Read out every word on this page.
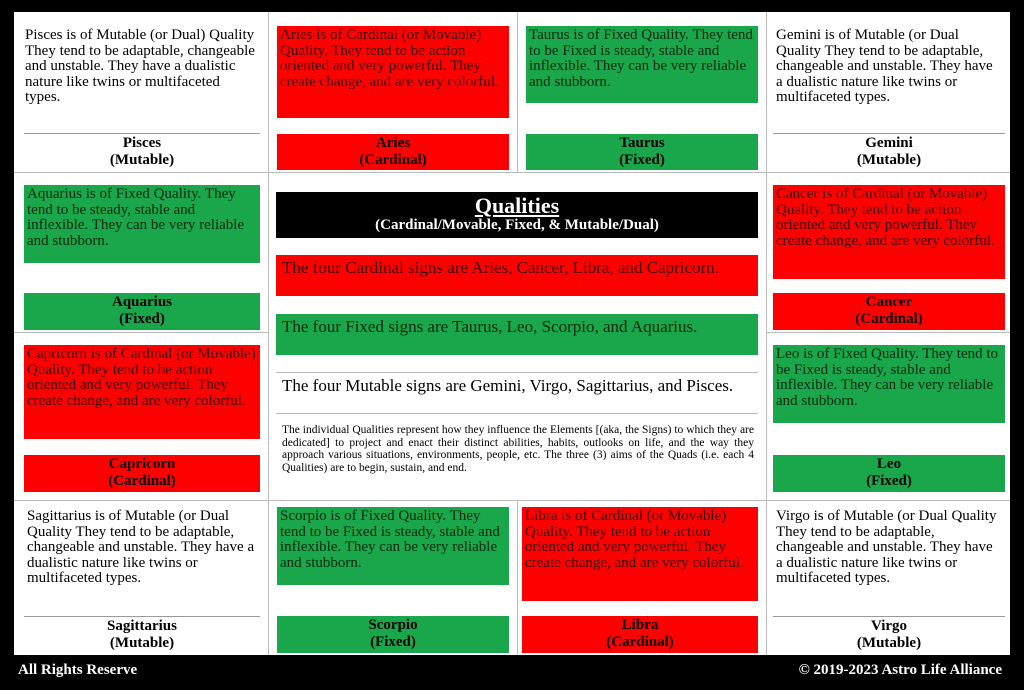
Pisces is of Mutable (or Dual) Quality They tend to be adaptable, changeable and unstable. They have a dualistic nature like twins or multifaceted types.
Pisces
(Mutable)
Aries is of Cardinal (or Movable) Quality. They tend to be action oriented and very powerful. They create change, and are very colorful.
Aries
(Cardinal)
Taurus is of Fixed Quality. They tend to be Fixed is steady, stable and inflexible. They can be very reliable and stubborn.
Taurus
(Fixed)
Gemini is of Mutable (or Dual Quality They tend to be adaptable, changeable and unstable. They have a dualistic nature like twins or multifaceted types.
Gemini
(Mutable)
Aquarius is of Fixed Quality. They tend to be steady, stable and inflexible. They can be very reliable and stubborn.
Aquarius
(Fixed)
Cancer is of Cardinal (or Movable) Quality. They tend to be action oriented and very powerful. They create change, and are very colorful.
Cancer
(Cardinal)
Capricorn is of Cardinal (or Movable) Quality. They tend to be action oriented and very powerful. They create change, and are very colorful.
Capricorn
(Cardinal)
Leo is of Fixed Quality. They tend to be Fixed is steady, stable and inflexible. They can be very reliable and stubborn.
Leo
(Fixed)
Qualities
(Cardinal/Movable, Fixed, & Mutable/Dual)
The four Cardinal signs are Aries, Cancer, Libra, and Capricorn.
The four Fixed signs are Taurus, Leo, Scorpio, and Aquarius.
The four Mutable signs are Gemini, Virgo, Sagittarius, and Pisces.
The individual Qualities represent how they influence the Elements [(aka, the Signs) to which they are dedicated] to project and enact their distinct abilities, habits, outlooks on life, and the way they approach various situations, environments, people, etc. The three (3) aims of the Quads (i.e. each 4 Qualities) are to begin, sustain, and end.
Sagittarius is of Mutable (or Dual Quality They tend to be adaptable, changeable and unstable. They have a dualistic nature like twins or multifaceted types.
Sagittarius
(Mutable)
Scorpio is of Fixed Quality. They tend to be Fixed is steady, stable and inflexible. They can be very reliable and stubborn.
Scorpio
(Fixed)
Libra is of Cardinal (or Movable) Quality. They tend to be action oriented and very powerful. They create change, and are very colorful.
Libra
(Cardinal)
Virgo is of Mutable (or Dual Quality They tend to be adaptable, changeable and unstable. They have a dualistic nature like twins or multifaceted types.
Virgo
(Mutable)
All Rights Reserve	© 2019-2023 Astro Life Alliance
